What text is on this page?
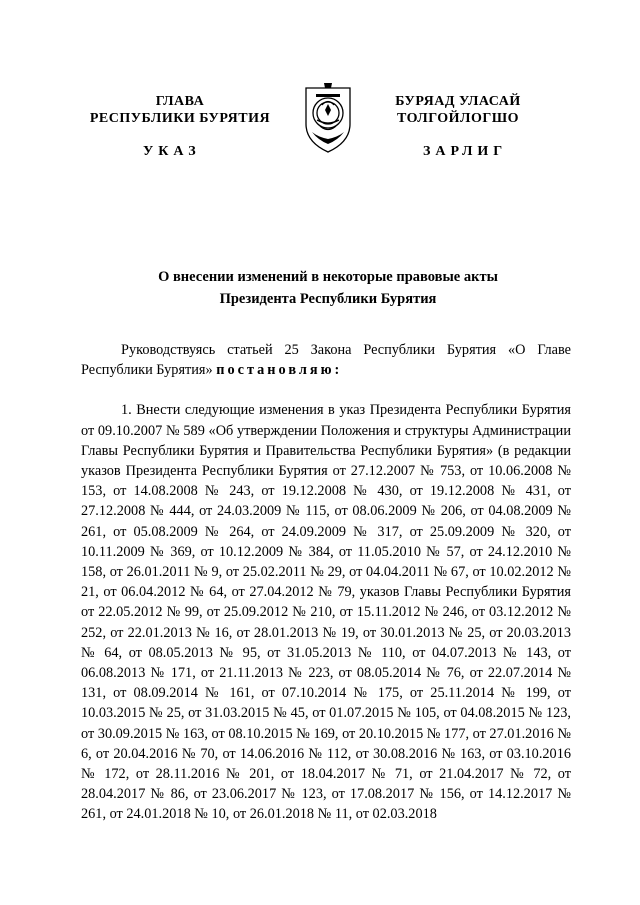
ГЛАВА
РЕСПУБЛИКИ БУРЯТИЯ
БУРЯАД УЛАСАЙ
ТОЛГОЙЛОГШО
УКАЗ	ЗАРЛИГ
О внесении изменений в некоторые правовые акты
Президента Республики Бурятия

Руководствуясь статьей 25 Закона Республики Бурятия «О Главе Республики Бурятия» постановляю:

1. Внести следующие изменения в указ Президента Республики Бурятия от 09.10.2007 № 589 «Об утверждении Положения и структуры Администрации Главы Республики Бурятия и Правительства Республики Бурятия» (в редакции указов Президента Республики Бурятия от 27.12.2007 № 753, от 10.06.2008 № 153, от 14.08.2008 № 243, от 19.12.2008 № 430, от 19.12.2008 № 431, от 27.12.2008 № 444, от 24.03.2009 № 115, от 08.06.2009 № 206, от 04.08.2009 № 261, от 05.08.2009 № 264, от 24.09.2009 № 317, от 25.09.2009 № 320, от 10.11.2009 № 369, от 10.12.2009 № 384, от 11.05.2010 № 57, от 24.12.2010 № 158, от 26.01.2011 № 9, от 25.02.2011 № 29, от 04.04.2011 № 67, от 10.02.2012 № 21, от 06.04.2012 № 64, от 27.04.2012 № 79, указов Главы Республики Бурятия от 22.05.2012 № 99, от 25.09.2012 № 210, от 15.11.2012 № 246, от 03.12.2012 № 252, от 22.01.2013 № 16, от 28.01.2013 № 19, от 30.01.2013 № 25, от 20.03.2013 № 64, от 08.05.2013 № 95, от 31.05.2013 № 110, от 04.07.2013 № 143, от 06.08.2013 № 171, от 21.11.2013 № 223, от 08.05.2014 № 76, от 22.07.2014 № 131, от 08.09.2014 № 161, от 07.10.2014 № 175, от 25.11.2014 № 199, от 10.03.2015 № 25, от 31.03.2015 № 45, от 01.07.2015 № 105, от 04.08.2015 № 123, от 30.09.2015 № 163, от 08.10.2015 № 169, от 20.10.2015 № 177, от 27.01.2016 № 6, от 20.04.2016 № 70, от 14.06.2016 № 112, от 30.08.2016 № 163, от 03.10.2016 № 172, от 28.11.2016 № 201, от 18.04.2017 № 71, от 21.04.2017 № 72, от 28.04.2017 № 86, от 23.06.2017 № 123, от 17.08.2017 № 156, от 14.12.2017 № 261, от 24.01.2018 № 10, от 26.01.2018 № 11, от 02.03.2018
